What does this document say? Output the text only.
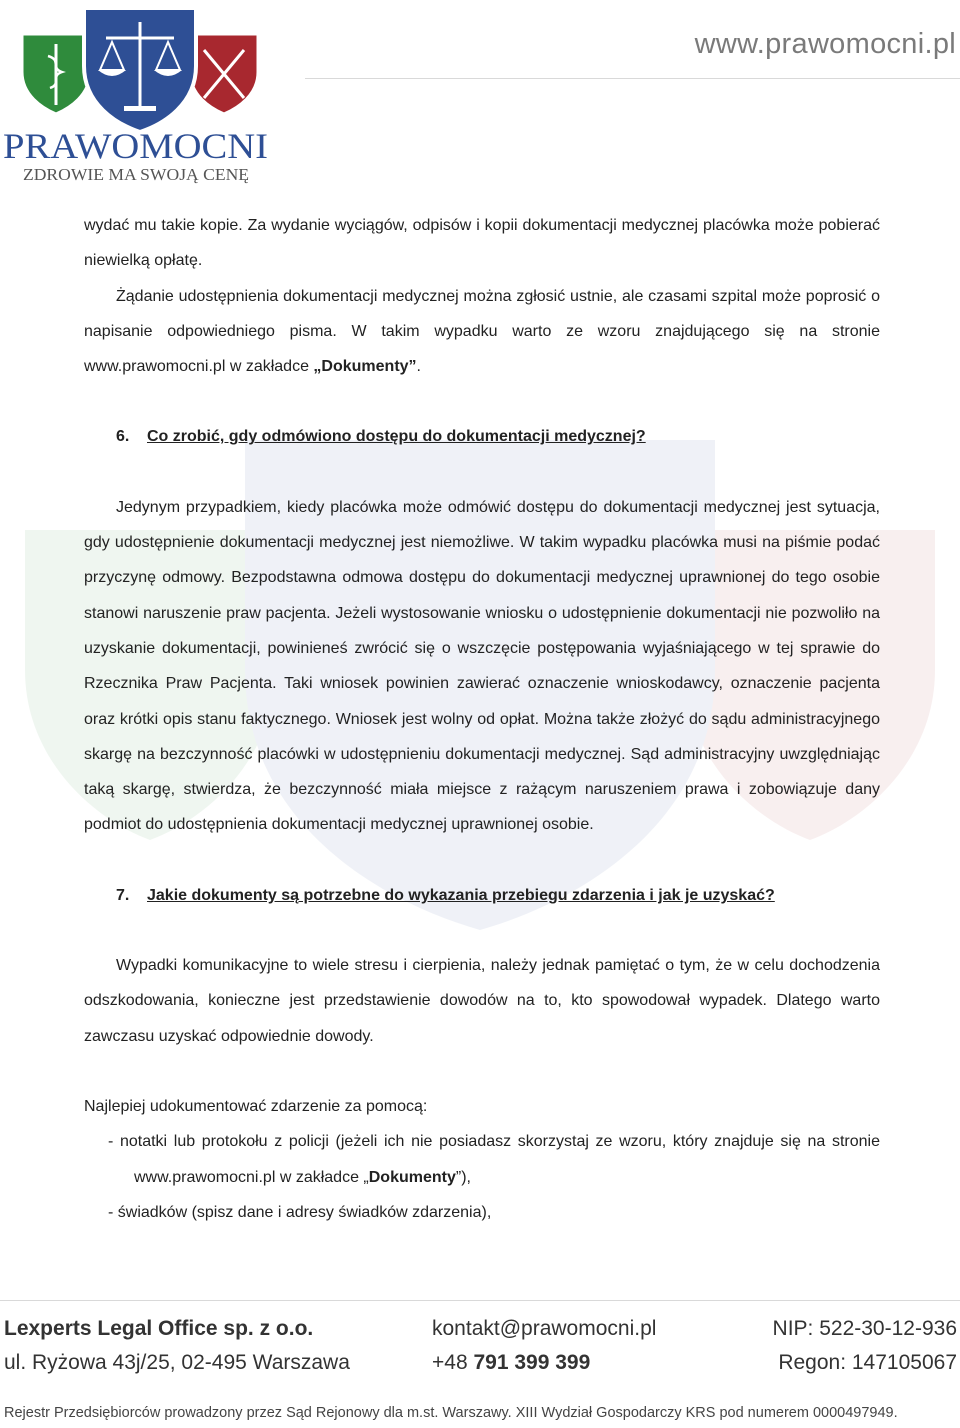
PRAWOMOCNI
ZDROWIE MA SWOJĄ CENĘ
www.prawomocni.pl

wydać mu takie kopie. Za wydanie wyciągów, odpisów i kopii dokumentacji medycznej placówka może pobierać niewielką opłatę.

Żądanie udostępnienia dokumentacji medycznej można zgłosić ustnie, ale czasami szpital może poprosić o napisanie odpowiedniego pisma. W takim wypadku warto ze wzoru znajdującego się na stronie www.prawomocni.pl w zakładce „Dokumenty”.

6. Co zrobić, gdy odmówiono dostępu do dokumentacji medycznej?

Jedynym przypadkiem, kiedy placówka może odmówić dostępu do dokumentacji medycznej jest sytuacja, gdy udostępnienie dokumentacji medycznej jest niemożliwe. W takim wypadku placówka musi na piśmie podać przyczynę odmowy. Bezpodstawna odmowa dostępu do dokumentacji medycznej uprawnionej do tego osobie stanowi naruszenie praw pacjenta. Jeżeli wystosowanie wniosku o udostępnienie dokumentacji nie pozwoliło na uzyskanie dokumentacji, powinieneś zwrócić się o wszczęcie postępowania wyjaśniającego w tej sprawie do Rzecznika Praw Pacjenta. Taki wniosek powinien zawierać oznaczenie wnioskodawcy, oznaczenie pacjenta oraz krótki opis stanu faktycznego. Wniosek jest wolny od opłat. Można także złożyć do sądu administracyjnego skargę na bezczynność placówki w udostępnieniu dokumentacji medycznej. Sąd administracyjny uwzględniając taką skargę, stwierdza, że bezczynność miała miejsce z rażącym naruszeniem prawa i zobowiązuje dany podmiot do udostępnienia dokumentacji medycznej uprawnionej osobie.

7. Jakie dokumenty są potrzebne do wykazania przebiegu zdarzenia i jak je uzyskać?

Wypadki komunikacyjne to wiele stresu i cierpienia, należy jednak pamiętać o tym, że w celu dochodzenia odszkodowania, konieczne jest przedstawienie dowodów na to, kto spowodował wypadek. Dlatego warto zawczasu uzyskać odpowiednie dowody.

Najlepiej udokumentować zdarzenie za pomocą:

- notatki lub protokołu z policji (jeżeli ich nie posiadasz skorzystaj ze wzoru, który znajduje się na stronie www.prawomocni.pl w zakładce „Dokumenty”),

- świadków (spisz dane i adresy świadków zdarzenia),

Lexperts Legal Office sp. z o.o.
ul. Ryżowa 43j/25, 02-495 Warszawa
kontakt@prawomocni.pl
+48 791 399 399
NIP: 522-30-12-936
Regon: 147105067
Rejestr Przedsiębiorców prowadzony przez Sąd Rejonowy dla m.st. Warszawy. XIII Wydział Gospodarczy KRS pod numerem 0000497949.
